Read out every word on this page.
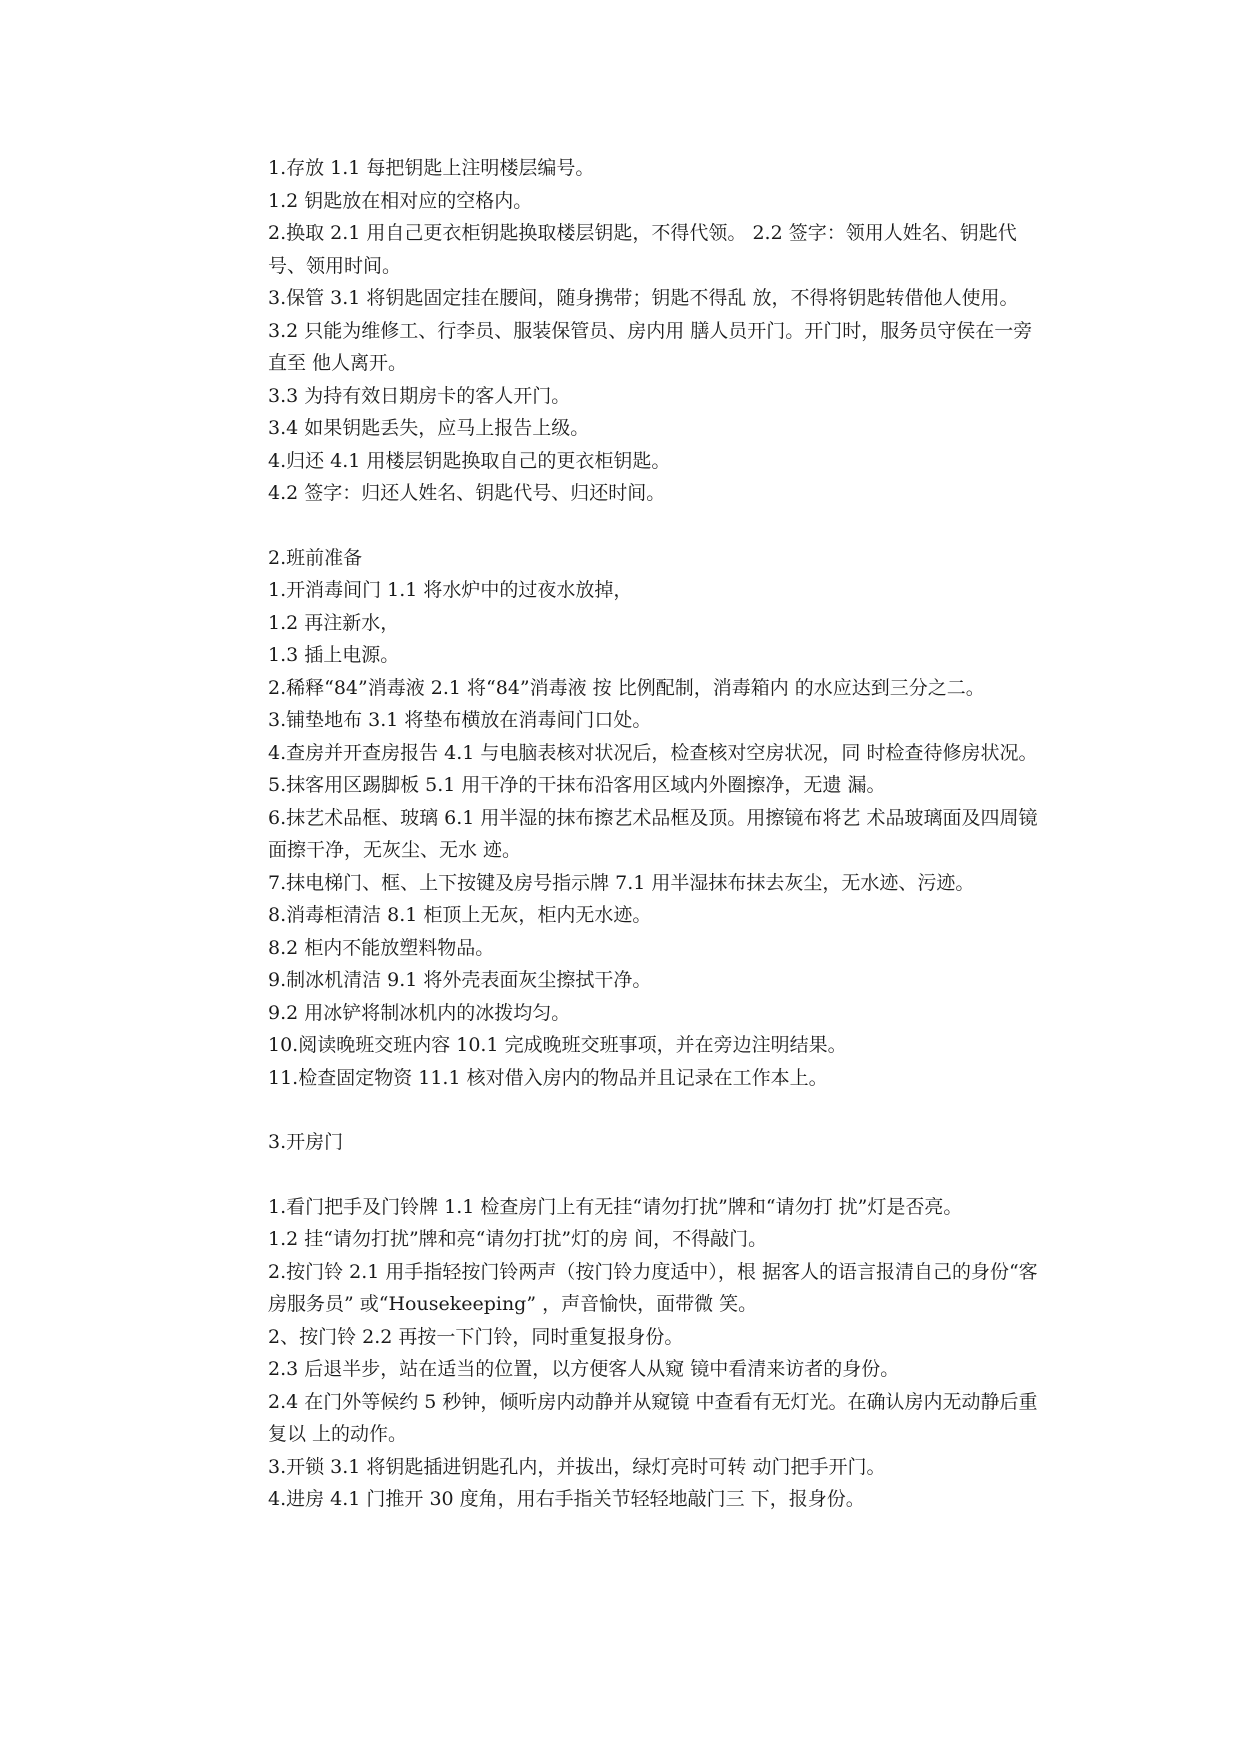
1.存放 1.1 每把钥匙上注明楼层编号。

1.2 钥匙放在相对应的空格内。

2.换取 2.1 用自己更衣柜钥匙换取楼层钥匙，不得代领。 2.2 签字：领用人姓名、钥匙代号、领用时间。

3.保管 3.1 将钥匙固定挂在腰间，随身携带；钥匙不得乱 放，不得将钥匙转借他人使用。

3.2 只能为维修工、行李员、服装保管员、房内用 膳人员开门。开门时，服务员守侯在一旁直至 他人离开。

3.3 为持有效日期房卡的客人开门。

3.4 如果钥匙丢失，应马上报告上级。

4.归还 4.1 用楼层钥匙换取自己的更衣柜钥匙。

4.2 签字：归还人姓名、钥匙代号、归还时间。

2.班前准备

1.开消毒间门 1.1 将水炉中的过夜水放掉，

1.2 再注新水，

1.3 插上电源。

2.稀释“84”消毒液 2.1 将“84”消毒液 按 比例配制，消毒箱内 的水应达到三分之二。

3.铺垫地布 3.1 将垫布横放在消毒间门口处。

4.查房并开查房报告 4.1 与电脑表核对状况后，检查核对空房状况，同 时检查待修房状况。

5.抹客用区踢脚板 5.1 用干净的干抹布沿客用区域内外圈擦净，无遗 漏。

6.抹艺术品框、玻璃 6.1 用半湿的抹布擦艺术品框及顶。用擦镜布将艺 术品玻璃面及四周镜面擦干净，无灰尘、无水 迹。

7.抹电梯门、框、上下按键及房号指示牌 7.1 用半湿抹布抹去灰尘，无水迹、污迹。

8.消毒柜清洁 8.1 柜顶上无灰，柜内无水迹。

8.2 柜内不能放塑料物品。

9.制冰机清洁 9.1 将外壳表面灰尘擦拭干净。

9.2 用冰铲将制冰机内的冰拨均匀。

10.阅读晚班交班内容 10.1 完成晚班交班事项，并在旁边注明结果。

11.检查固定物资 11.1 核对借入房内的物品并且记录在工作本上。

3.开房门

1.看门把手及门铃牌 1.1 检查房门上有无挂“请勿打扰”牌和“请勿打 扰”灯是否亮。

1.2 挂“请勿打扰”牌和亮“请勿打扰”灯的房 间，不得敲门。

2.按门铃 2.1 用手指轻按门铃两声（按门铃力度适中），根 据客人的语言报清自己的身份“客房服务员” 或“Housekeeping” ，声音愉快，面带微 笑。

2、按门铃 2.2 再按一下门铃，同时重复报身份。

2.3 后退半步，站在适当的位置，以方便客人从窥 镜中看清来访者的身份。

2.4 在门外等候约 5 秒钟，倾听房内动静并从窥镜 中查看有无灯光。在确认房内无动静后重复以 上的动作。

3.开锁 3.1 将钥匙插进钥匙孔内，并拔出，绿灯亮时可转 动门把手开门。

4.进房 4.1 门推开 30 度角，用右手指关节轻轻地敲门三 下，报身份。
